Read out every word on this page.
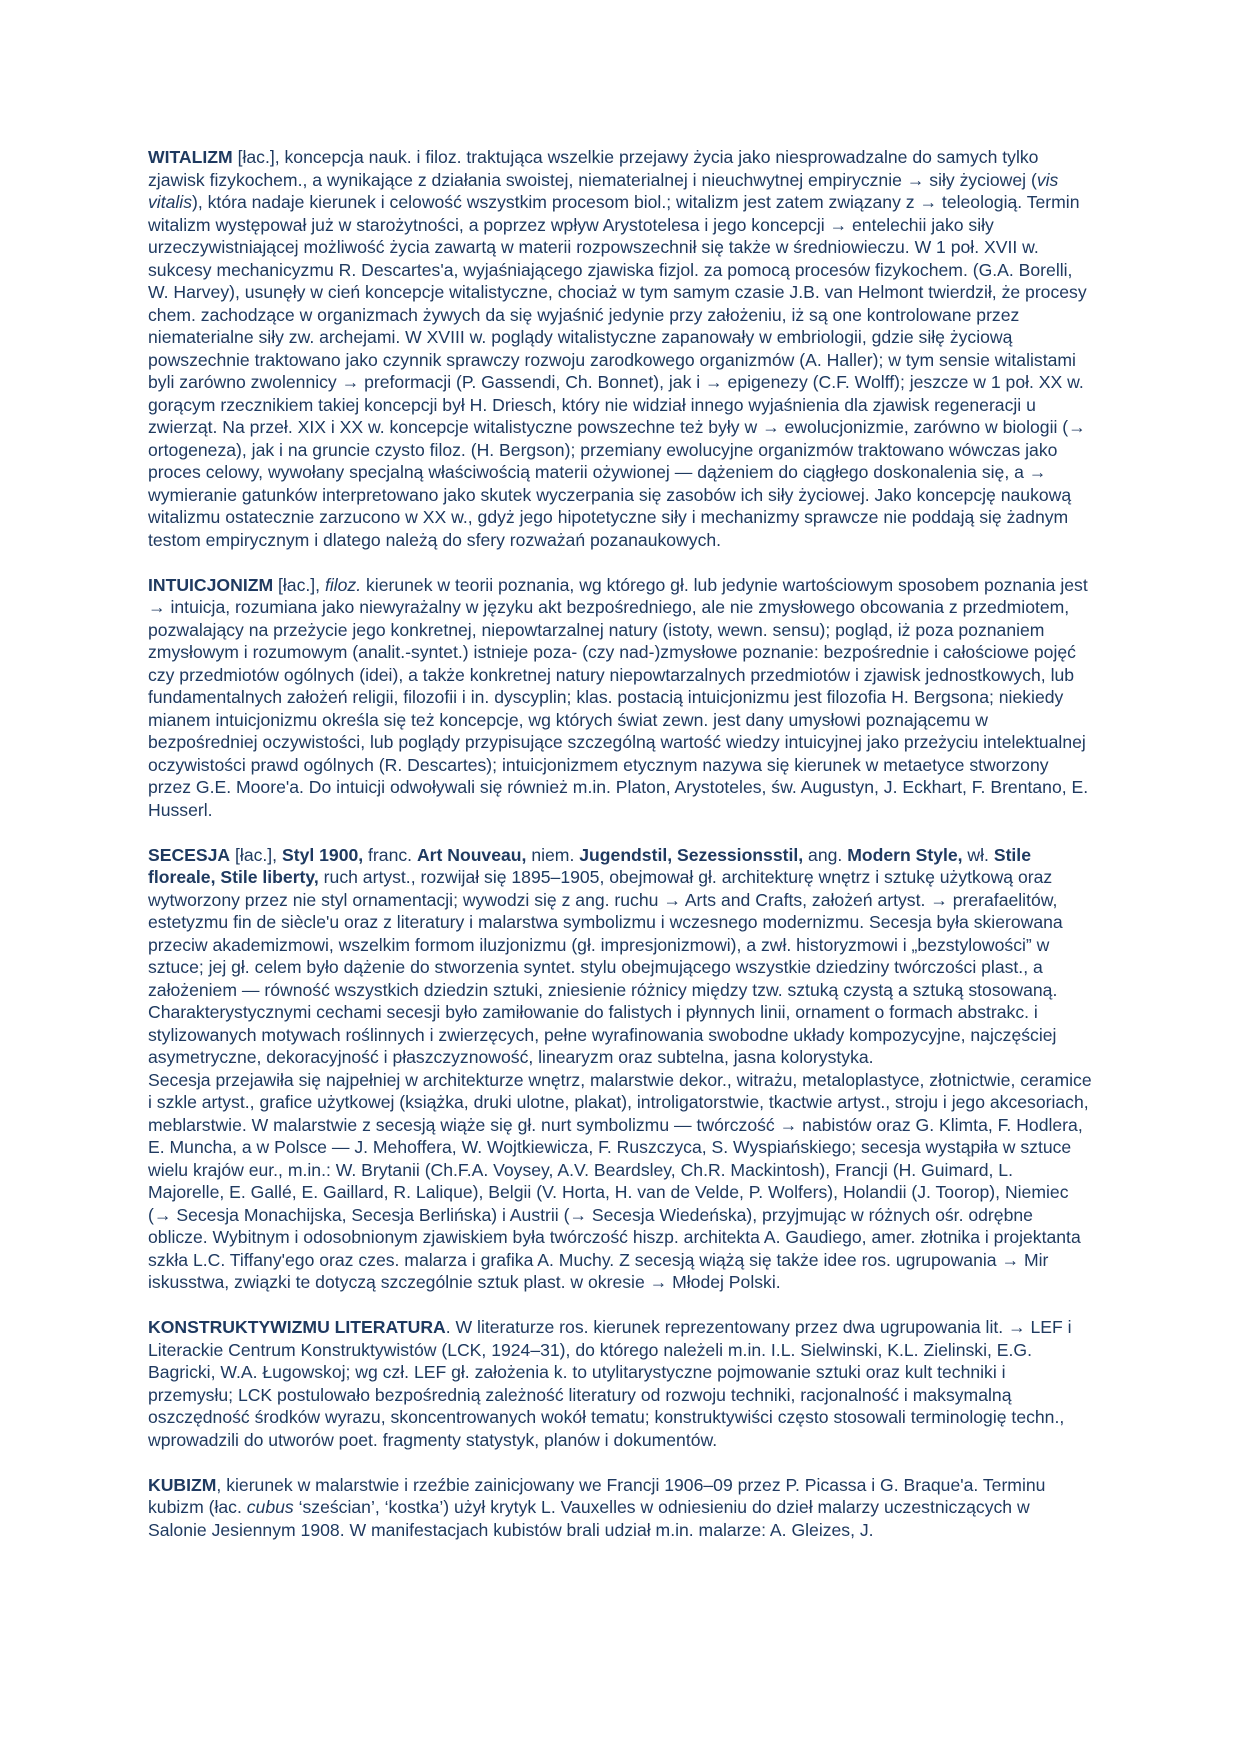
WITALIZM [łac.], koncepcja nauk. i filoz. traktująca wszelkie przejawy życia jako niesprowadzalne do samych tylko zjawisk fizykochem., a wynikające z działania swoistej, niematerialnej i nieuchwytnej empirycznie → siły życiowej (vis vitalis), która nadaje kierunek i celowość wszystkim procesom biol.; witalizm jest zatem związany z → teleologią. Termin witalizm występował już w starożytności, a poprzez wpływ Arystotelesa i jego koncepcji → entelechii jako siły urzeczywistniającej możliwość życia zawartą w materii rozpowszechnił się także w średniowieczu. W 1 poł. XVII w. sukcesy mechanicyzmu R. Descartes'a, wyjaśniającego zjawiska fizjol. za pomocą procesów fizykochem. (G.A. Borelli, W. Harvey), usunęły w cień koncepcje witalistyczne, chociaż w tym samym czasie J.B. van Helmont twierdził, że procesy chem. zachodzące w organizmach żywych da się wyjaśnić jedynie przy założeniu, iż są one kontrolowane przez niematerialne siły zw. archejami. W XVIII w. poglądy witalistyczne zapanowały w embriologii, gdzie siłę życiową powszechnie traktowano jako czynnik sprawczy rozwoju zarodkowego organizmów (A. Haller); w tym sensie witalistami byli zarówno zwolennicy → preformacji (P. Gassendi, Ch. Bonnet), jak i → epigenezy (C.F. Wolff); jeszcze w 1 poł. XX w. gorącym rzecznikiem takiej koncepcji był H. Driesch, który nie widział innego wyjaśnienia dla zjawisk regeneracji u zwierząt. Na przeł. XIX i XX w. koncepcje witalistyczne powszechne też były w → ewolucjonizmie, zarówno w biologii (→ ortogeneza), jak i na gruncie czysto filoz. (H. Bergson); przemiany ewolucyjne organizmów traktowano wówczas jako proces celowy, wywołany specjalną właściwością materii ożywionej — dążeniem do ciągłego doskonalenia się, a → wymieranie gatunków interpretowano jako skutek wyczerpania się zasobów ich siły życiowej. Jako koncepcję naukową witalizmu ostatecznie zarzucono w XX w., gdyż jego hipotetyczne siły i mechanizmy sprawcze nie poddają się żadnym testom empirycznym i dlatego należą do sfery rozważań pozanaukowych.

INTUICJONIZM [łac.], filoz. kierunek w teorii poznania, wg którego gł. lub jedynie wartościowym sposobem poznania jest → intuicja, rozumiana jako niewyrażalny w języku akt bezpośredniego, ale nie zmysłowego obcowania z przedmiotem, pozwalający na przeżycie jego konkretnej, niepowtarzalnej natury (istoty, wewn. sensu); pogląd, iż poza poznaniem zmysłowym i rozumowym (analit.-syntet.) istnieje poza- (czy nad-)zmysłowe poznanie: bezpośrednie i całościowe pojęć czy przedmiotów ogólnych (idei), a także konkretnej natury niepowtarzalnych przedmiotów i zjawisk jednostkowych, lub fundamentalnych założeń religii, filozofii i in. dyscyplin; klas. postacią intuicjonizmu jest filozofia H. Bergsona; niekiedy mianem intuicjonizmu określa się też koncepcje, wg których świat zewn. jest dany umysłowi poznającemu w bezpośredniej oczywistości, lub poglądy przypisujące szczególną wartość wiedzy intuicyjnej jako przeżyciu intelektualnej oczywistości prawd ogólnych (R. Descartes); intuicjonizmem etycznym nazywa się kierunek w metaetyce stworzony przez G.E. Moore'a. Do intuicji odwoływali się również m.in. Platon, Arystoteles, św. Augustyn, J. Eckhart, F. Brentano, E. Husserl.

SECESJA [łac.], Styl 1900, franc. Art Nouveau, niem. Jugendstil, Sezessionsstil, ang. Modern Style, wł. Stile floreale, Stile liberty, ruch artyst., rozwijał się 1895–1905, obejmował gł. architekturę wnętrz i sztukę użytkową oraz wytworzony przez nie styl ornamentacji; wywodzi się z ang. ruchu → Arts and Crafts, założeń artyst. → prerafaelitów, estetyzmu fin de siècle'u oraz z literatury i malarstwa symbolizmu i wczesnego modernizmu. Secesja była skierowana przeciw akademizmowi, wszelkim formom iluzjonizmu (gł. impresjonizmowi), a zwł. historyzmowi i „bezstylowości” w sztuce; jej gł. celem było dążenie do stworzenia syntet. stylu obejmującego wszystkie dziedziny twórczości plast., a założeniem — równość wszystkich dziedzin sztuki, zniesienie różnicy między tzw. sztuką czystą a sztuką stosowaną. Charakterystycznymi cechami secesji było zamiłowanie do falistych i płynnych linii, ornament o formach abstrakc. i stylizowanych motywach roślinnych i zwierzęcych, pełne wyrafinowania swobodne układy kompozycyjne, najczęściej asymetryczne, dekoracyjność i płaszczyznowość, linearyzm oraz subtelna, jasna kolorystyka.

Secesja przejawiła się najpełniej w architekturze wnętrz, malarstwie dekor., witrażu, metaloplastyce, złotnictwie, ceramice i szkle artyst., grafice użytkowej (książka, druki ulotne, plakat), introligatorstwie, tkactwie artyst., stroju i jego akcesoriach, meblarstwie. W malarstwie z secesją wiąże się gł. nurt symbolizmu — twórczość → nabistów oraz G. Klimta, F. Hodlera, E. Muncha, a w Polsce — J. Mehoffera, W. Wojtkiewicza, F. Ruszczyca, S. Wyspiańskiego; secesja wystąpiła w sztuce wielu krajów eur., m.in.: W. Brytanii (Ch.F.A. Voysey, A.V. Beardsley, Ch.R. Mackintosh), Francji (H. Guimard, L. Majorelle, E. Gallé, E. Gaillard, R. Lalique), Belgii (V. Horta, H. van de Velde, P. Wolfers), Holandii (J. Toorop), Niemiec (→ Secesja Monachijska, Secesja Berlińska) i Austrii (→ Secesja Wiedeńska), przyjmując w różnych ośr. odrębne oblicze. Wybitnym i odosobnionym zjawiskiem była twórczość hiszp. architekta A. Gaudiego, amer. złotnika i projektanta szkła L.C. Tiffany'ego oraz czes. malarza i grafika A. Muchy. Z secesją wiążą się także idee ros. ugrupowania → Mir iskusstwa, związki te dotyczą szczególnie sztuk plast. w okresie → Młodej Polski.

KONSTRUKTYWIZMU LITERATURA. W literaturze ros. kierunek reprezentowany przez dwa ugrupowania lit. → LEF i Literackie Centrum Konstruktywistów (LCK, 1924–31), do którego należeli m.in. I.L. Sielwinski, K.L. Zielinski, E.G. Bagricki, W.A. Ługowskoj; wg czł. LEF gł. założenia k. to utylitarystyczne pojmowanie sztuki oraz kult techniki i przemysłu; LCK postulowało bezpośrednią zależność literatury od rozwoju techniki, racjonalność i maksymalną oszczędność środków wyrazu, skoncentrowanych wokół tematu; konstruktywiści często stosowali terminologię techn., wprowadzili do utworów poet. fragmenty statystyk, planów i dokumentów.

KUBIZM, kierunek w malarstwie i rzeźbie zainicjowany we Francji 1906–09 przez P. Picassa i G. Braque'a. Terminu kubizm (łac. cubus ‘sześcian’, ‘kostka’) użył krytyk L. Vauxelles w odniesieniu do dzieł malarzy uczestniczących w Salonie Jesiennym 1908. W manifestacjach kubistów brali udział m.in. malarze: A. Gleizes, J.
